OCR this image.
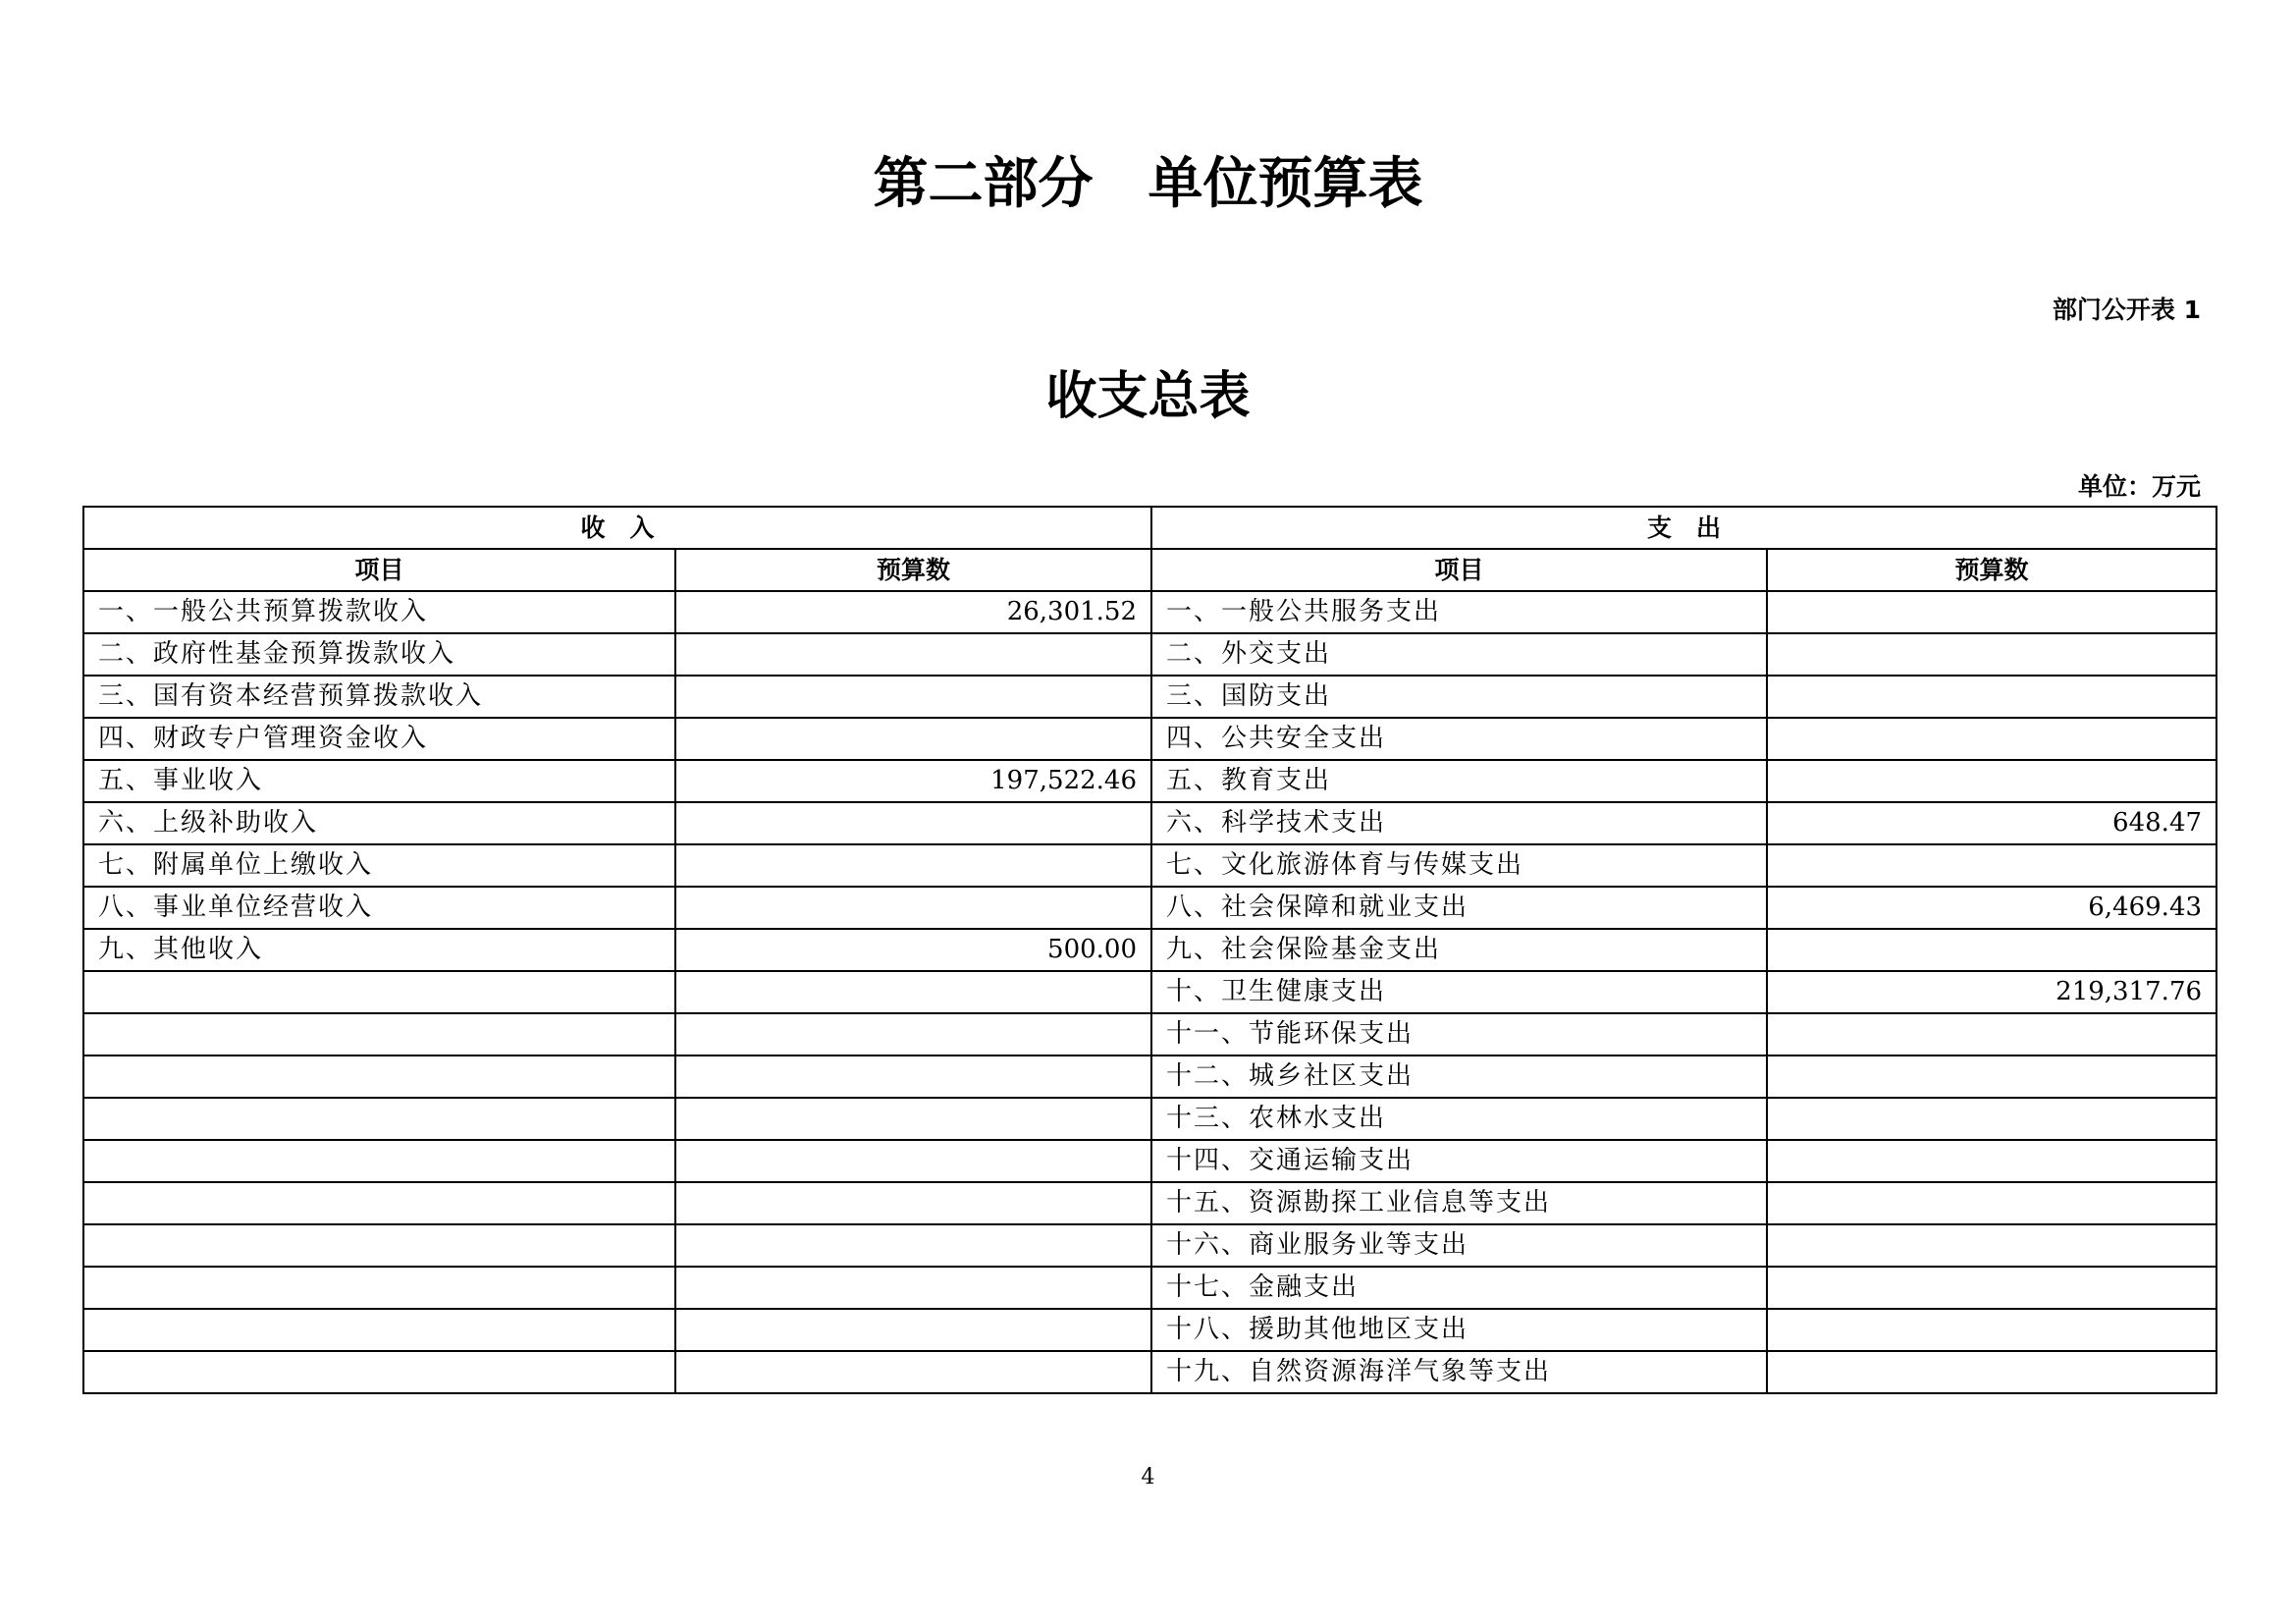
第二部分　单位预算表
部门公开表 1
收支总表
单位：万元
收　入		支　出	
项目	预算数	项目	预算数
一、一般公共预算拨款收入	26,301.52	一、一般公共服务支出	
二、政府性基金预算拨款收入		二、外交支出	
三、国有资本经营预算拨款收入		三、国防支出	
四、财政专户管理资金收入		四、公共安全支出	
五、事业收入	197,522.46	五、教育支出	
六、上级补助收入		六、科学技术支出	648.47
七、附属单位上缴收入		七、文化旅游体育与传媒支出	
八、事业单位经营收入		八、社会保障和就业支出	6,469.43
九、其他收入	500.00	九、社会保险基金支出	
		十、卫生健康支出	219,317.76
		十一、节能环保支出	
		十二、城乡社区支出	
		十三、农林水支出	
		十四、交通运输支出	
		十五、资源勘探工业信息等支出	
		十六、商业服务业等支出	
		十七、金融支出	
		十八、援助其他地区支出	
		十九、自然资源海洋气象等支出	
4
